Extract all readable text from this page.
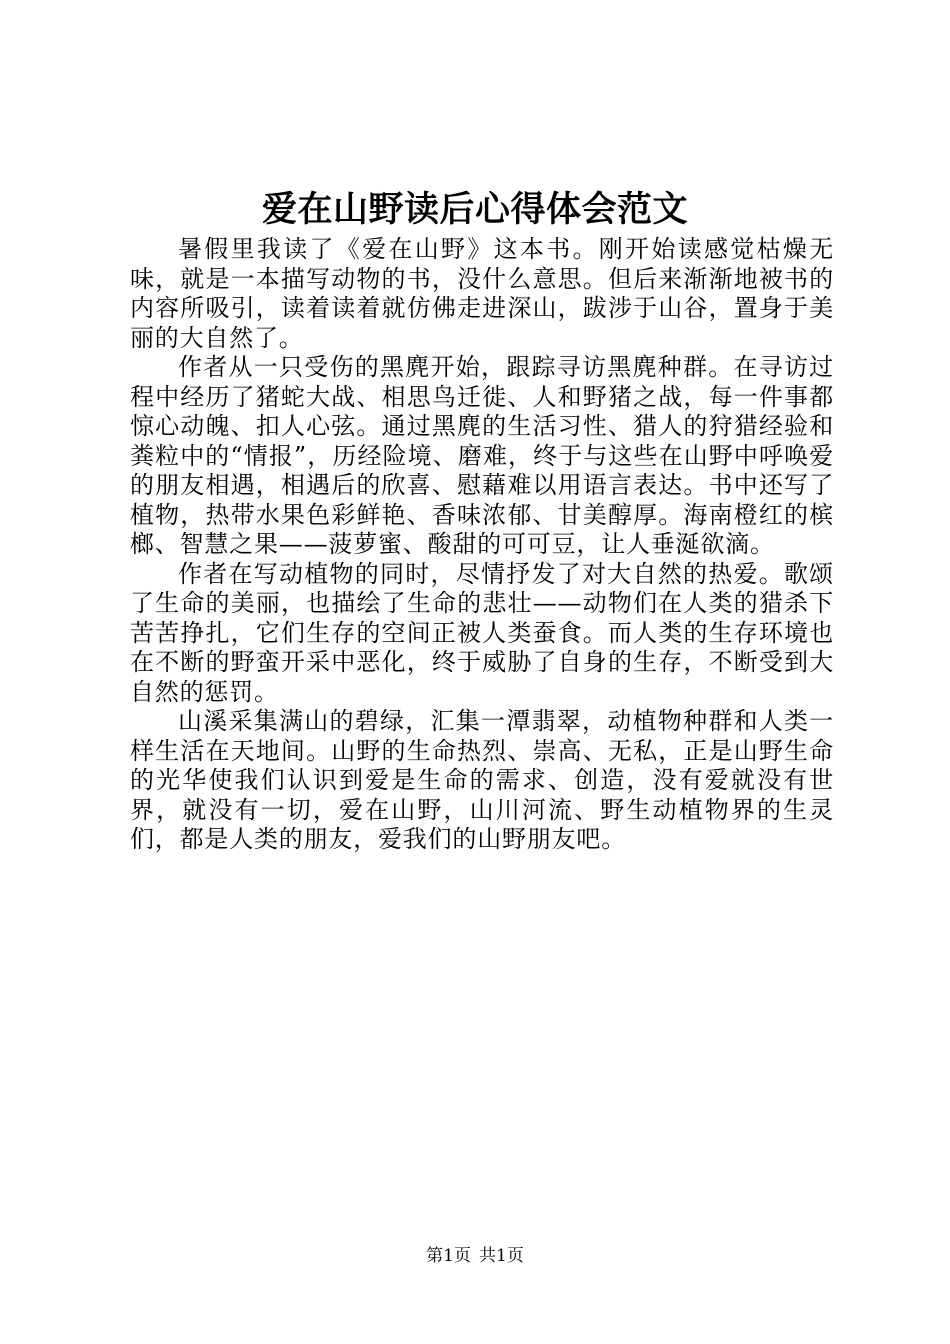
爱在山野读后心得体会范文

暑假里我读了《爱在山野》这本书。刚开始读感觉枯燥无味，就是一本描写动物的书，没什么意思。但后来渐渐地被书的内容所吸引，读着读着就仿佛走进深山，跋涉于山谷，置身于美丽的大自然了。

作者从一只受伤的黑麂开始，跟踪寻访黑麂种群。在寻访过程中经历了猪蛇大战、相思鸟迁徙、人和野猪之战，每一件事都惊心动魄、扣人心弦。通过黑麂的生活习性、猎人的狩猎经验和粪粒中的“情报”，历经险境、磨难，终于与这些在山野中呼唤爱的朋友相遇，相遇后的欣喜、慰藉难以用语言表达。书中还写了植物，热带水果色彩鲜艳、香味浓郁、甘美醇厚。海南橙红的槟榔、智慧之果——菠萝蜜、酸甜的可可豆，让人垂涎欲滴。

作者在写动植物的同时，尽情抒发了对大自然的热爱。歌颂了生命的美丽，也描绘了生命的悲壮——动物们在人类的猎杀下苦苦挣扎，它们生存的空间正被人类蚕食。而人类的生存环境也在不断的野蛮开采中恶化，终于威胁了自身的生存，不断受到大自然的惩罚。

山溪采集满山的碧绿，汇集一潭翡翠，动植物种群和人类一样生活在天地间。山野的生命热烈、崇高、无私，正是山野生命的光华使我们认识到爱是生命的需求、创造，没有爱就没有世界，就没有一切，爱在山野，山川河流、野生动植物界的生灵们，都是人类的朋友，爱我们的山野朋友吧。

第1页 共1页
